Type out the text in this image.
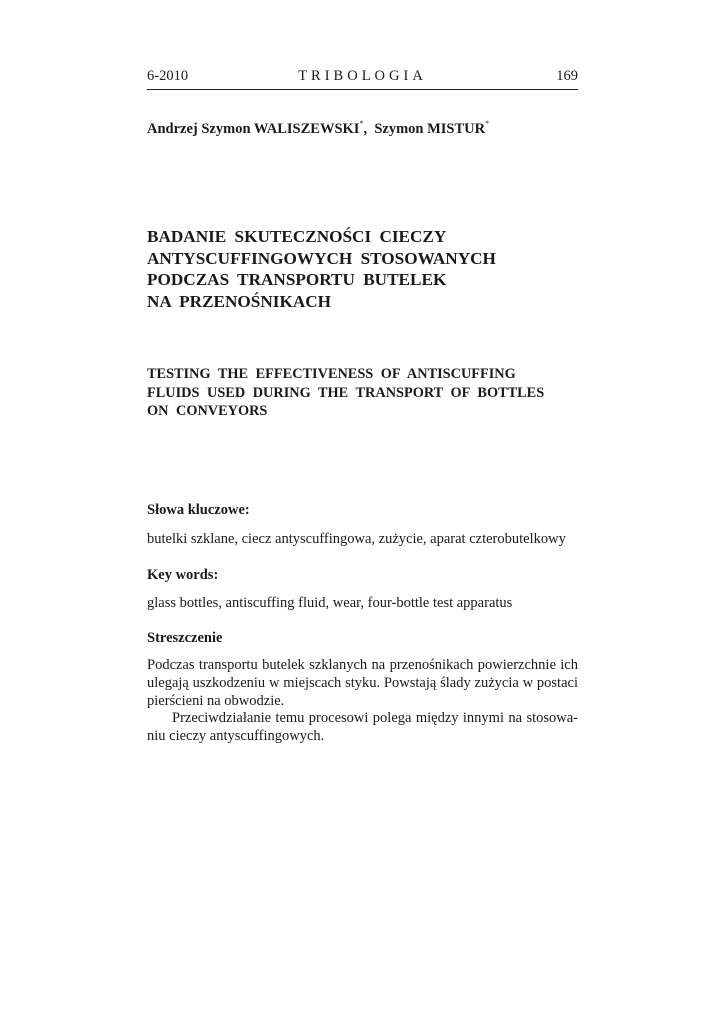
6-2010	TRIBOLOGIA	169
Andrzej Szymon WALISZEWSKI*, Szymon MISTUR*
BADANIE SKUTECZNOŚCI CIECZY
ANTYSCUFFINGOWYCH STOSOWANYCH
PODCZAS TRANSPORTU BUTELEK
NA PRZENOŚNIKACH
TESTING THE EFFECTIVENESS OF ANTISCUFFING
FLUIDS USED DURING THE TRANSPORT OF BOTTLES
ON CONVEYORS
Słowa kluczowe:
butelki szklane, ciecz antyscuffingowa, zużycie, aparat czterobutelkowy
Key words:
glass bottles, antiscuffing fluid, wear, four-bottle test apparatus
Streszczenie
Podczas transportu butelek szklanych na przenośnikach powierzchnie ich
ulegają uszkodzeniu w miejscach styku. Powstają ślady zużycia w postaci
pierścieni na obwodzie.
Przeciwdziałanie temu procesowi polega między innymi na stosowa-
niu cieczy antyscuffingowych.
